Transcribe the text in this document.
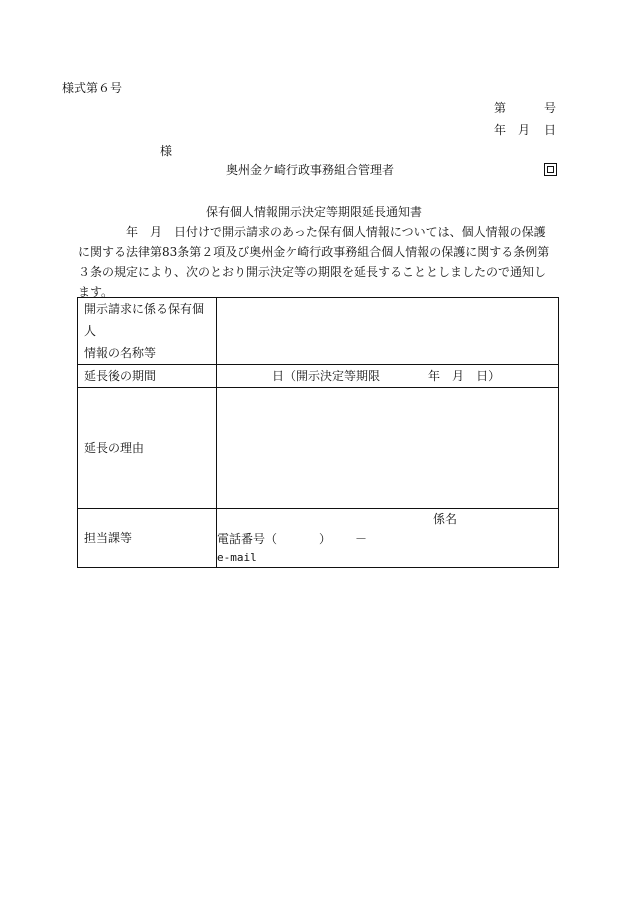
様式第６号
第	号
年 月 日
様
奥州金ケ崎行政事務組合管理者
保有個人情報開示決定等期限延長通知書
年 月 日付けで開示請求のあった保有個人情報については、個人情報の保護
に関する法律第83条第２項及び奥州金ケ崎行政事務組合個人情報の保護に関する条例第
３条の規定により、次のとおり開示決定等の期限を延長することとしましたので通知し
ます。
開示請求に係る保有個人
情報の名称等	

延長後の期間	日（開示決定等期限 年 月 日）
延長の理由	
担当課等	係名
電話番号（ ） －
e-mail
